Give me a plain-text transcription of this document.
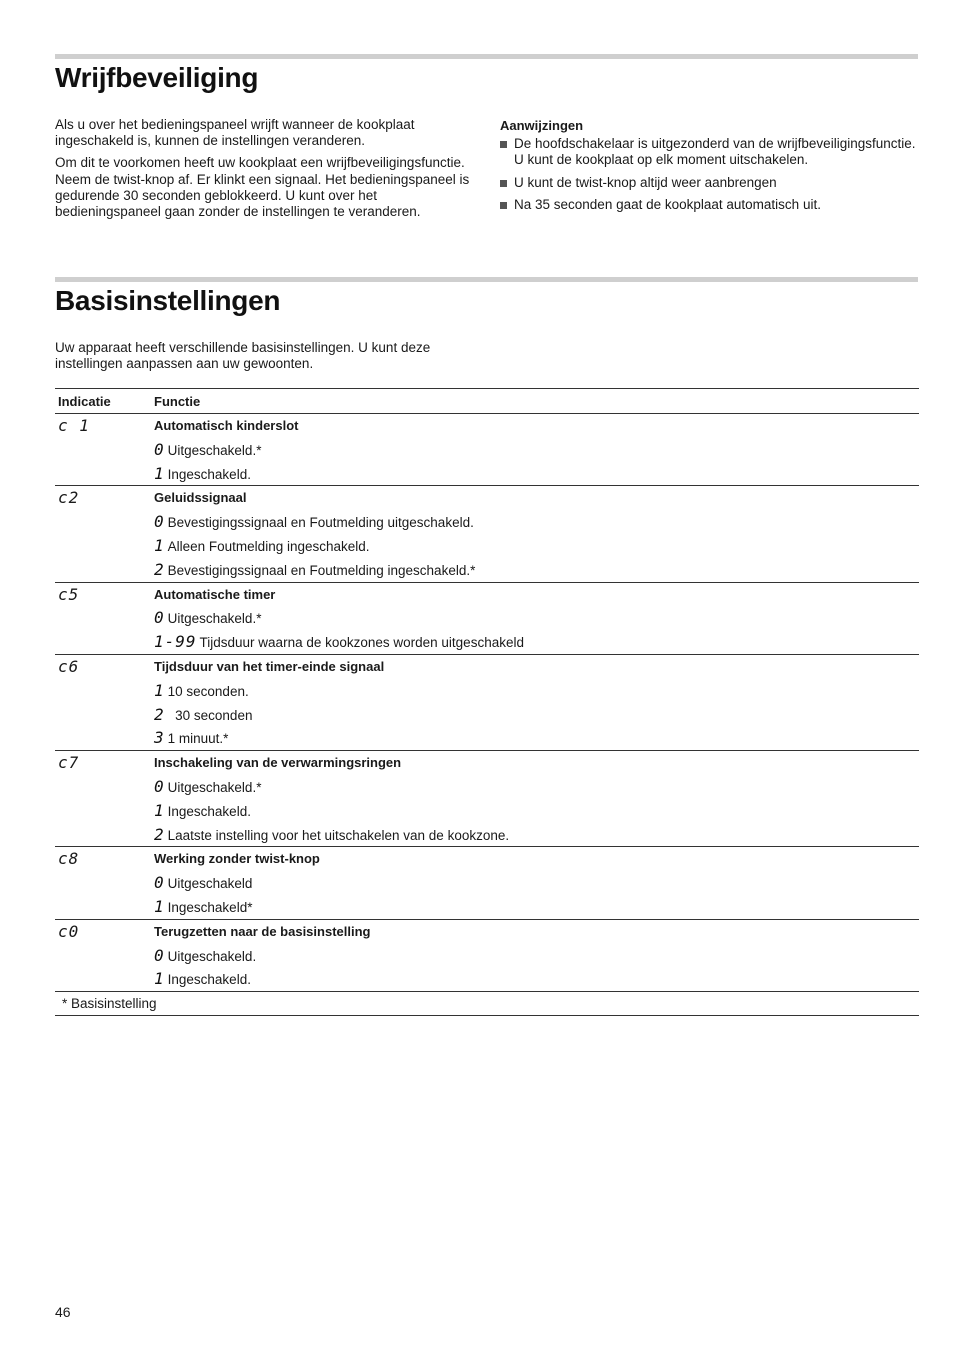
Wrijfbeveiliging

Als u over het bedieningspaneel wrijft wanneer de kookplaat ingeschakeld is, kunnen de instellingen veranderen.

Om dit te voorkomen heeft uw kookplaat een wrijfbeveiligingsfunctie. Neem de twist-knop af. Er klinkt een signaal. Het bedieningspaneel is gedurende 30 seconden geblokkeerd. U kunt over het bedieningspaneel gaan zonder de instellingen te veranderen.

Aanwijzingen
De hoofdschakelaar is uitgezonderd van de wrijfbeveiligingsfunctie. U kunt de kookplaat op elk moment uitschakelen.
U kunt de twist-knop altijd weer aanbrengen
Na 35 seconden gaat de kookplaat automatisch uit.
Basisinstellingen

Uw apparaat heeft verschillende basisinstellingen. U kunt deze instellingen aanpassen aan uw gewoonten.

Indicatie	Functie
c 1	Automatisch kinderslot
0 Uitgeschakeld.*
1 Ingeschakeld.

c2	Geluidssignaal
0 Bevestigingssignaal en Foutmelding uitgeschakeld.
1 Alleen Foutmelding ingeschakeld.
2 Bevestigingssignaal en Foutmelding ingeschakeld.*

c5	Automatische timer
0 Uitgeschakeld.*
1-99 Tijdsduur waarna de kookzones worden uitgeschakeld

c6	Tijdsduur van het timer-einde signaal
1 10 seconden.
2  30 seconden
3 1 minuut.*

c7	Inschakeling van de verwarmingsringen
0 Uitgeschakeld.*
1 Ingeschakeld.
2 Laatste instelling voor het uitschakelen van de kookzone.

c8	Werking zonder twist-knop
0 Uitgeschakeld
1 Ingeschakeld*

c0	Terugzetten naar de basisinstelling
0 Uitgeschakeld.
1 Ingeschakeld.

* Basisinstelling	
46
